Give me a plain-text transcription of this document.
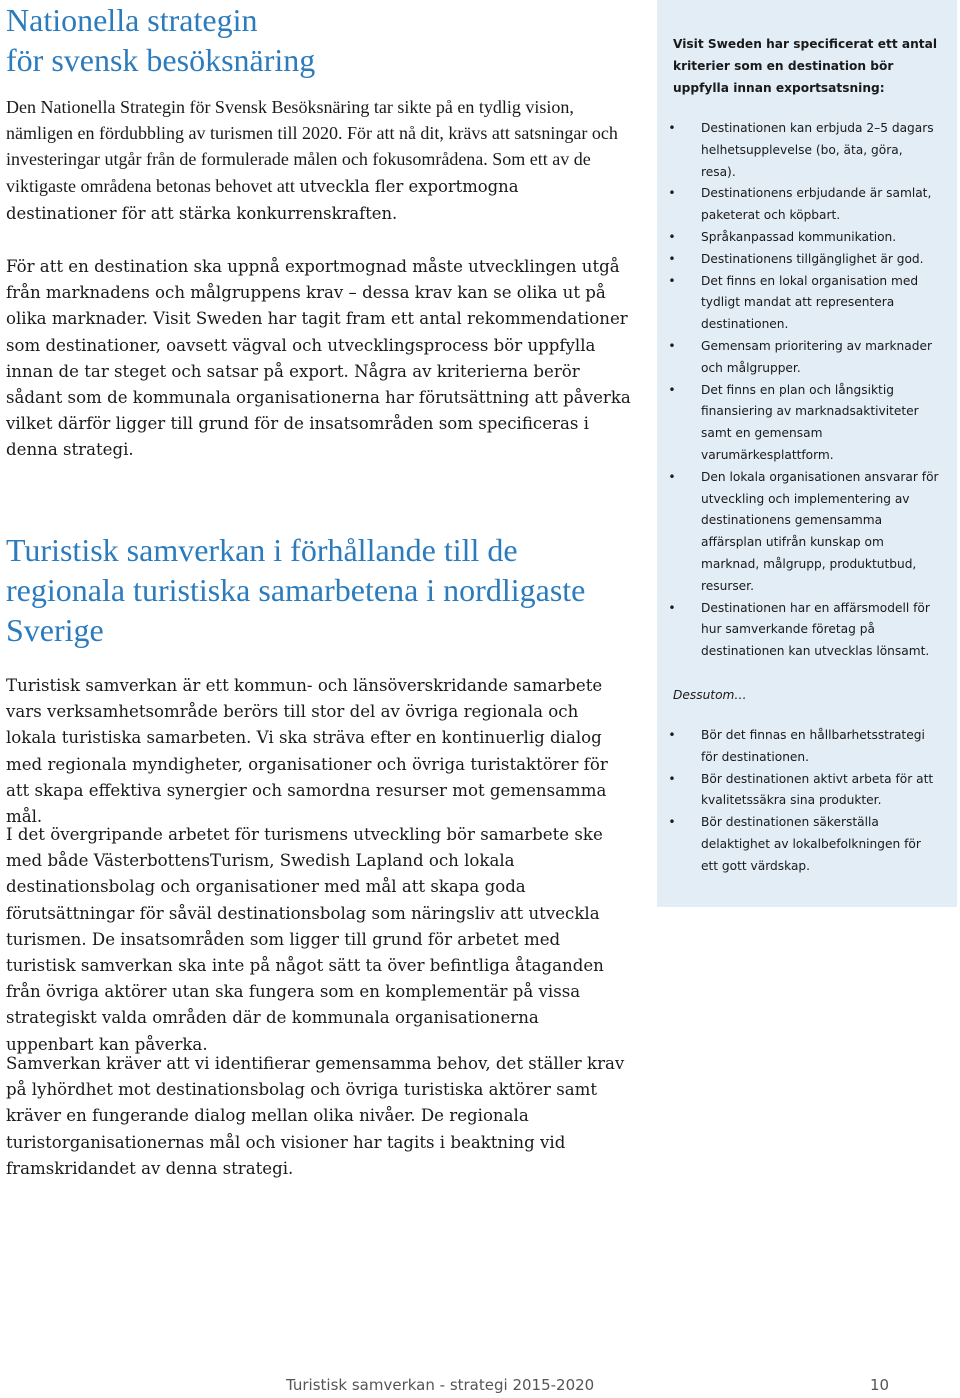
Nationella strategin
för svensk besöksnäring

Den Nationella Strategin för Svensk Besöksnäring tar sikte på en tydlig vision, nämligen en fördubbling av turismen till 2020. För att nå dit, krävs att satsningar och investeringar utgår från de formulerade målen och fokusområdena. Som ett av de viktigaste områdena betonas behovet att utveckla fler exportmogna destinationer för att stärka konkurrenskraften.

För att en destination ska uppnå exportmognad måste utvecklingen utgå från marknadens och målgruppens krav – dessa krav kan se olika ut på olika marknader. Visit Sweden har tagit fram ett antal rekommendationer som destinationer, oavsett vägval och utvecklingsprocess bör uppfylla innan de tar steget och satsar på export. Några av kriterierna berör sådant som de kommunala organisationerna har förutsättning att påverka vilket därför ligger till grund för de insatsområden som specificeras i denna strategi.

Turistisk samverkan i förhållande till de regionala turistiska samarbetena i nordligaste Sverige

Turistisk samverkan är ett kommun- och länsöverskridande samarbete vars verksamhetsområde berörs till stor del av övriga regionala och lokala turistiska samarbeten. Vi ska sträva efter en kontinuerlig dialog med regionala myndigheter, organisationer och övriga turistaktörer för att skapa effektiva synergier och samordna resurser mot gemensamma mål.

I det övergripande arbetet för turismens utveckling bör samarbete ske med både VästerbottensTurism, Swedish Lapland och lokala destinationsbolag och organisationer med mål att skapa goda förutsättningar för såväl destinationsbolag som näringsliv att utveckla turismen. De insatsområden som ligger till grund för arbetet med turistisk samverkan ska inte på något sätt ta över befintliga åtaganden från övriga aktörer utan ska fungera som en komplementär på vissa strategiskt valda områden där de kommunala organisationerna uppenbart kan påverka.

Samverkan kräver att vi identifierar gemensamma behov, det ställer krav på lyhördhet mot destinationsbolag och övriga turistiska aktörer samt kräver en fungerande dialog mellan olika nivåer. De regionala turistorganisationernas mål och visioner har tagits i beaktning vid framskridandet av denna strategi.

Visit Sweden har specificerat ett antal kriterier som en destination bör uppfylla innan exportsatsning:

• Destinationen kan erbjuda 2–5 dagars helhetsupplevelse (bo, äta, göra, resa).
• Destinationens erbjudande är samlat, paketerat och köpbart.
• Språkanpassad kommunikation.
• Destinationens tillgänglighet är god.
• Det finns en lokal organisation med tydligt mandat att representera destinationen.
• Gemensam prioritering av marknader och målgrupper.
• Det finns en plan och långsiktig finansiering av marknadsaktiviteter samt en gemensam varumärkesplattform.
• Den lokala organisationen ansvarar för utveckling och implementering av destinationens gemensamma affärsplan utifrån kunskap om marknad, målgrupp, produktutbud, resurser.
• Destinationen har en affärsmodell för hur samverkande företag på destinationen kan utvecklas lönsamt.

Dessutom…

• Bör det finnas en hållbarhetsstrategi för destinationen.
• Bör destinationen aktivt arbeta för att kvalitetssäkra sina produkter.
• Bör destinationen säkerställa delaktighet av lokalbefolkningen för ett gott värdskap.
Turistisk samverkan - strategi 2015-2020	10
